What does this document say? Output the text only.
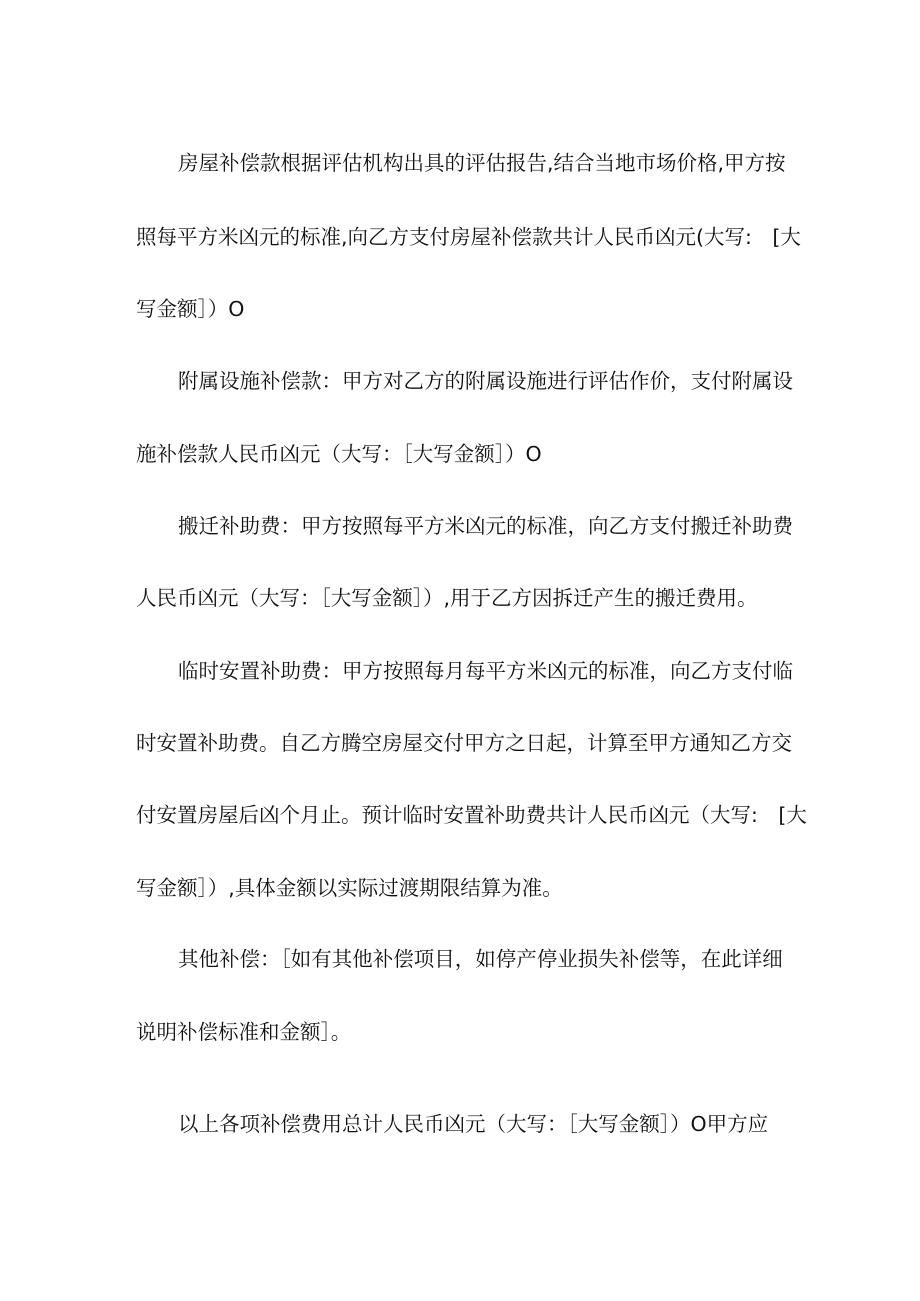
房屋补偿款根据评估机构出具的评估报告,结合当地市场价格,甲方按
照每平方米凶元的标准,向乙方支付房屋补偿款共计人民币凶元(大写:　[大
写金额］）O
附属设施补偿款：甲方对乙方的附属设施进行评估作价，支付附属设
施补偿款人民币凶元（大写：［大写金额］）O
搬迁补助费：甲方按照每平方米凶元的标准，向乙方支付搬迁补助费
人民币凶元（大写：［大写金额］）,用于乙方因拆迁产生的搬迁费用。
临时安置补助费：甲方按照每月每平方米凶元的标准，向乙方支付临
时安置补助费。自乙方腾空房屋交付甲方之日起，计算至甲方通知乙方交
付安置房屋后凶个月止。预计临时安置补助费共计人民币凶元（大写:　[大
写金额］）,具体金额以实际过渡期限结算为准。
其他补偿：［如有其他补偿项目，如停产停业损失补偿等，在此详细
说明补偿标准和金额］。
以上各项补偿费用总计人民币凶元（大写：［大写金额］）O甲方应
